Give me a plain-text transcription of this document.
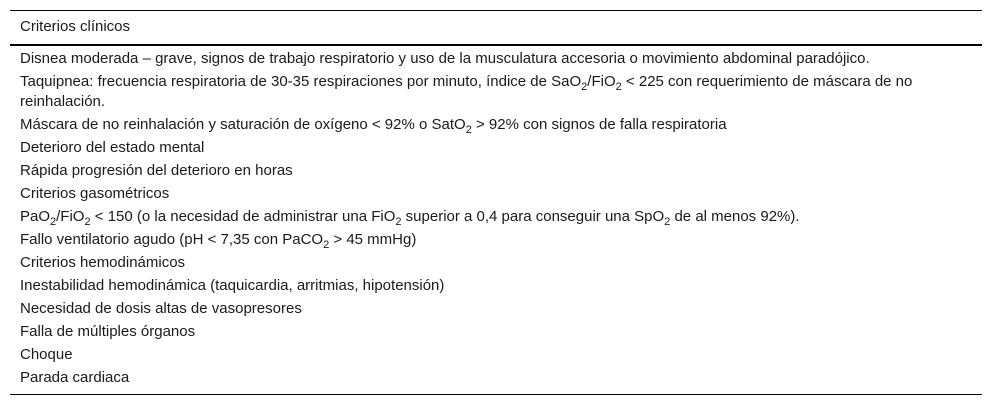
Criterios clínicos
Disnea moderada – grave, signos de trabajo respiratorio y uso de la musculatura accesoria o movimiento abdominal paradójico.
Taquipnea: frecuencia respiratoria de 30-35 respiraciones por minuto, índice de SaO$_2$/FiO$_2$ < 225 con requerimiento de máscara de no reinhalación.
Máscara de no reinhalación y saturación de oxígeno < 92% o SatO$_2$ > 92% con signos de falla respiratoria
Deterioro del estado mental
Rápida progresión del deterioro en horas
Criterios gasométricos
PaO$_2$/FiO$_2$ < 150 (o la necesidad de administrar una FiO$_2$ superior a 0,4 para conseguir una SpO$_2$ de al menos 92%).
Fallo ventilatorio agudo (pH < 7,35 con PaCO$_2$ > 45 mmHg)
Criterios hemodinámicos
Inestabilidad hemodinámica (taquicardia, arritmias, hipotensión)
Necesidad de dosis altas de vasopresores
Falla de múltiples órganos
Choque
Parada cardiaca
